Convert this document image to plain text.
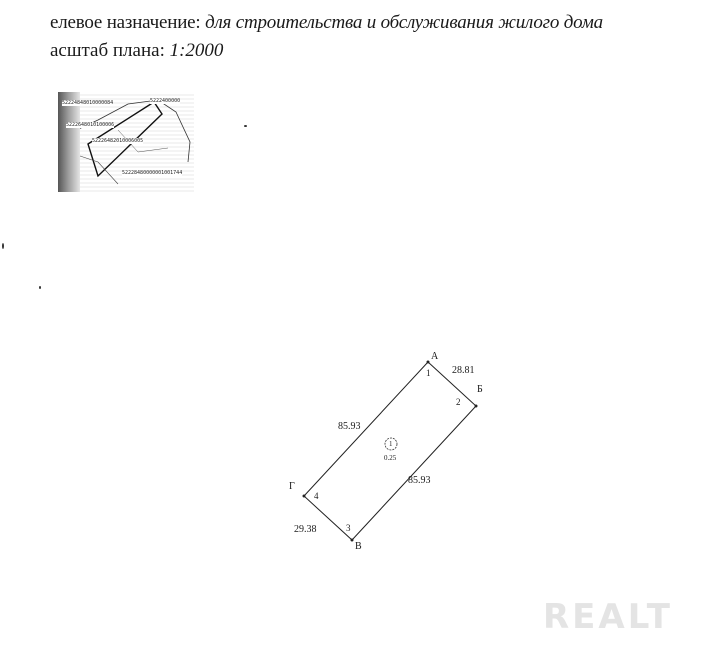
елевое назначение: для строительства и обслуживания жилого дома
асштаб плана: 1:2000
52224848010000084	5222400000
5222648010100006
52226482010006005
52228480000001001744
А
Б
В
Г
1
2
3
4
28.81
85.93
29.38
85.93
1
0.25
REALT
